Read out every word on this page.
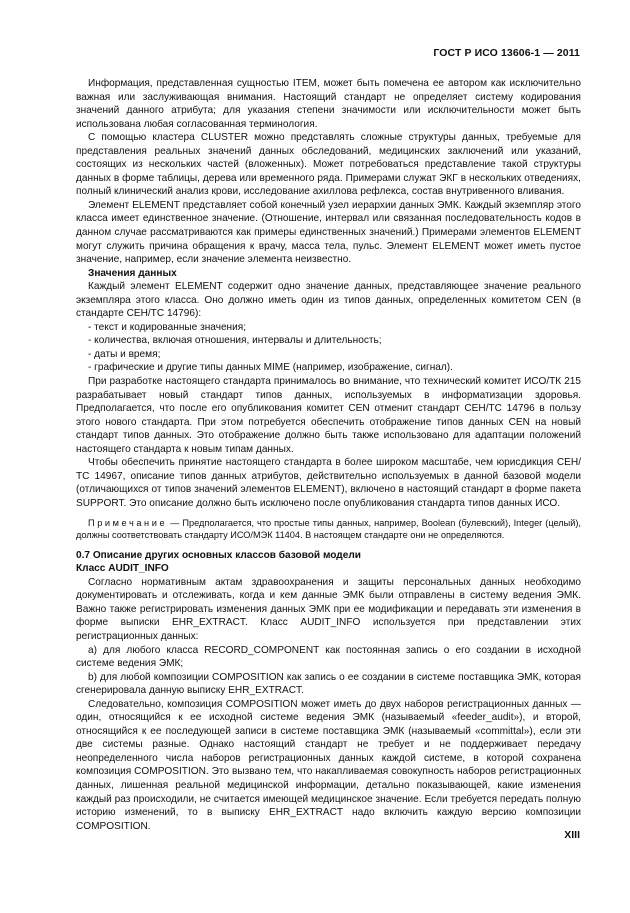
ГОСТ Р ИСО 13606-1 — 2011

Информация, представленная сущностью ITEM, может быть помечена ее автором как исключительно важная или заслуживающая внимания. Настоящий стандарт не определяет систему кодирования значений данного атрибута; для указания степени значимости или исключительности может быть использована любая согласованная терминология.

С помощью кластера CLUSTER можно представлять сложные структуры данных, требуемые для представления реальных значений данных обследований, медицинских заключений или указаний, состоящих из нескольких частей (вложенных). Может потребоваться представление такой структуры данных в форме таблицы, дерева или временного ряда. Примерами служат ЭКГ в нескольких отведениях, полный клинический анализ крови, исследование ахиллова рефлекса, состав внутривенного вливания.

Элемент ELEMENT представляет собой конечный узел иерархии данных ЭМК. Каждый экземпляр этого класса имеет единственное значение. (Отношение, интервал или связанная последовательность кодов в данном случае рассматриваются как примеры единственных значений.) Примерами элементов ELEMENT могут служить причина обращения к врачу, масса тела, пульс. Элемент ELEMENT может иметь пустое значение, например, если значение элемента неизвестно.

Значения данных

Каждый элемент ELEMENT содержит одно значение данных, представляющее значение реального экземпляра этого класса. Оно должно иметь один из типов данных, определенных комитетом CEN (в стандарте СЕН/ТС 14796):

- текст и кодированные значения;

- количества, включая отношения, интервалы и длительность;

- даты и время;

- графические и другие типы данных MIME (например, изображение, сигнал).

При разработке настоящего стандарта принималось во внимание, что технический комитет ИСО/ТК 215 разрабатывает новый стандарт типов данных, используемых в информатизации здоровья. Предполагается, что после его опубликования комитет CEN отменит стандарт СЕН/ТС 14796 в пользу этого нового стандарта. При этом потребуется обеспечить отображение типов данных CEN на новый стандарт типов данных. Это отображение должно быть также использовано для адаптации положений настоящего стандарта к новым типам данных.

Чтобы обеспечить принятие настоящего стандарта в более широком масштабе, чем юрисдикция СЕН/ТС 14967, описание типов данных атрибутов, действительно используемых в данной базовой модели (отличающихся от типов значений элементов ELEMENT), включено в настоящий стандарт в форме пакета SUPPORT. Это описание должно быть исключено после опубликования стандарта типов данных ИСО.

Примечание — Предполагается, что простые типы данных, например, Boolean (булевский), Integer (целый), должны соответствовать стандарту ИСО/МЭК 11404. В настоящем стандарте они не определяются.

0.7 Описание других основных классов базовой модели

Класс AUDIT_INFO

Согласно нормативным актам здравоохранения и защиты персональных данных необходимо документировать и отслеживать, когда и кем данные ЭМК были отправлены в систему ведения ЭМК. Важно также регистрировать изменения данных ЭМК при ее модификации и передавать эти изменения в форме выписки EHR_EXTRACT. Класс AUDIT_INFO используется при представлении этих регистрационных данных:

а) для любого класса RECORD_COMPONENT как постоянная запись о его создании в исходной системе ведения ЭМК;

b) для любой композиции COMPOSITION как запись о ее создании в системе поставщика ЭМК, которая сгенерировала данную выписку EHR_EXTRACT.

Следовательно, композиция COMPOSITION может иметь до двух наборов регистрационных данных — один, относящийся к ее исходной системе ведения ЭМК (называемый «feeder_audit»), и второй, относящийся к ее последующей записи в системе поставщика ЭМК (называемый «committal»), если эти две системы разные. Однако настоящий стандарт не требует и не поддерживает передачу неопределенного числа наборов регистрационных данных каждой системе, в которой сохранена композиция COMPOSITION. Это вызвано тем, что накапливаемая совокупность наборов регистрационных данных, лишенная реальной медицинской информации, детально показывающей, какие изменения каждый раз происходили, не считается имеющей медицинское значение. Если требуется передать полную историю изменений, то в выписку EHR_EXTRACT надо включить каждую версию композиции COMPOSITION.

XIII
